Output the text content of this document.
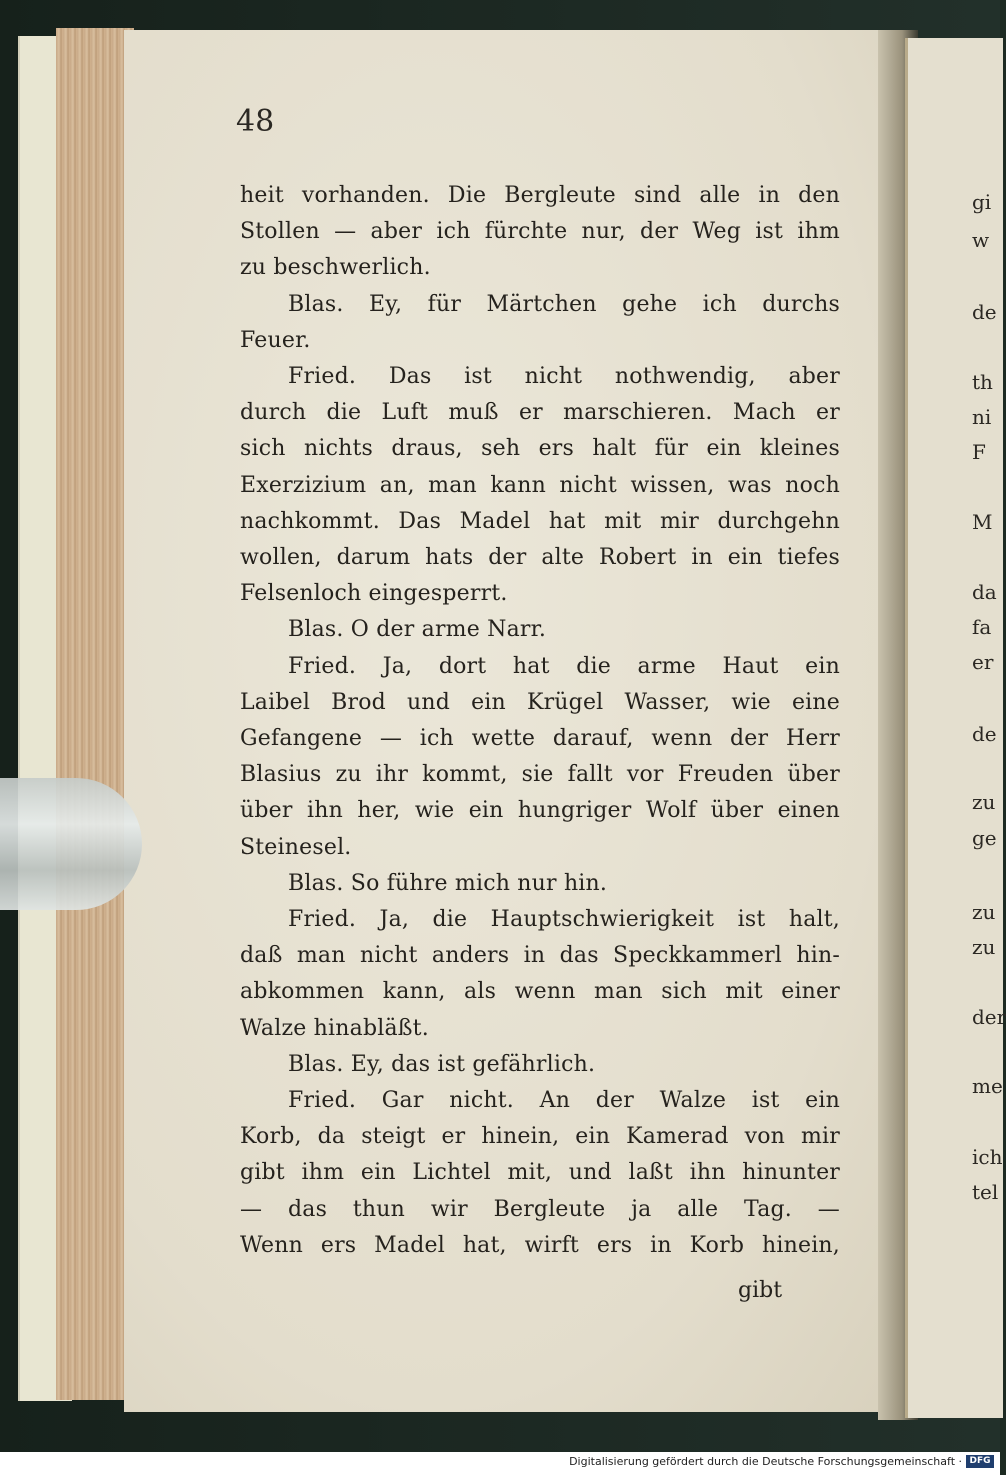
48
heit vorhanden. Die Bergleute sind alle in den
Stollen — aber ich fürchte nur, der Weg ist ihm
zu beschwerlich.
Blas. Ey, für Märtchen gehe ich durchs
Feuer.
Fried. Das ist nicht nothwendig, aber
durch die Luft muß er marschieren. Mach er
sich nichts draus, seh ers halt für ein kleines
Exerzizium an, man kann nicht wissen, was noch
nachkommt. Das Madel hat mit mir durchgehn
wollen, darum hats der alte Robert in ein tiefes
Felsenloch eingesperrt.
Blas. O der arme Narr.
Fried. Ja, dort hat die arme Haut ein
Laibel Brod und ein Krügel Wasser, wie eine
Gefangene — ich wette darauf, wenn der Herr
Blasius zu ihr kommt, sie fallt vor Freuden über
über ihn her, wie ein hungriger Wolf über einen
Steinesel.
Blas. So führe mich nur hin.
Fried. Ja, die Hauptschwierigkeit ist halt,
daß man nicht anders in das Speckkammerl hin-
abkommen kann, als wenn man sich mit einer
Walze hinabläßt.
Blas. Ey, das ist gefährlich.
Fried. Gar nicht. An der Walze ist ein
Korb, da steigt er hinein, ein Kamerad von mir
gibt ihm ein Lichtel mit, und laßt ihn hinunter
— das thun wir Bergleute ja alle Tag. —
Wenn ers Madel hat, wirft ers in Korb hinein,
gibt
gi
w
de
th
ni
F
M
da
fa
er
de
zu
ge
zu
zu
der
me
ich
tel
Digitalisierung gefördert durch die Deutsche Forschungsgemeinschaft · DFG
